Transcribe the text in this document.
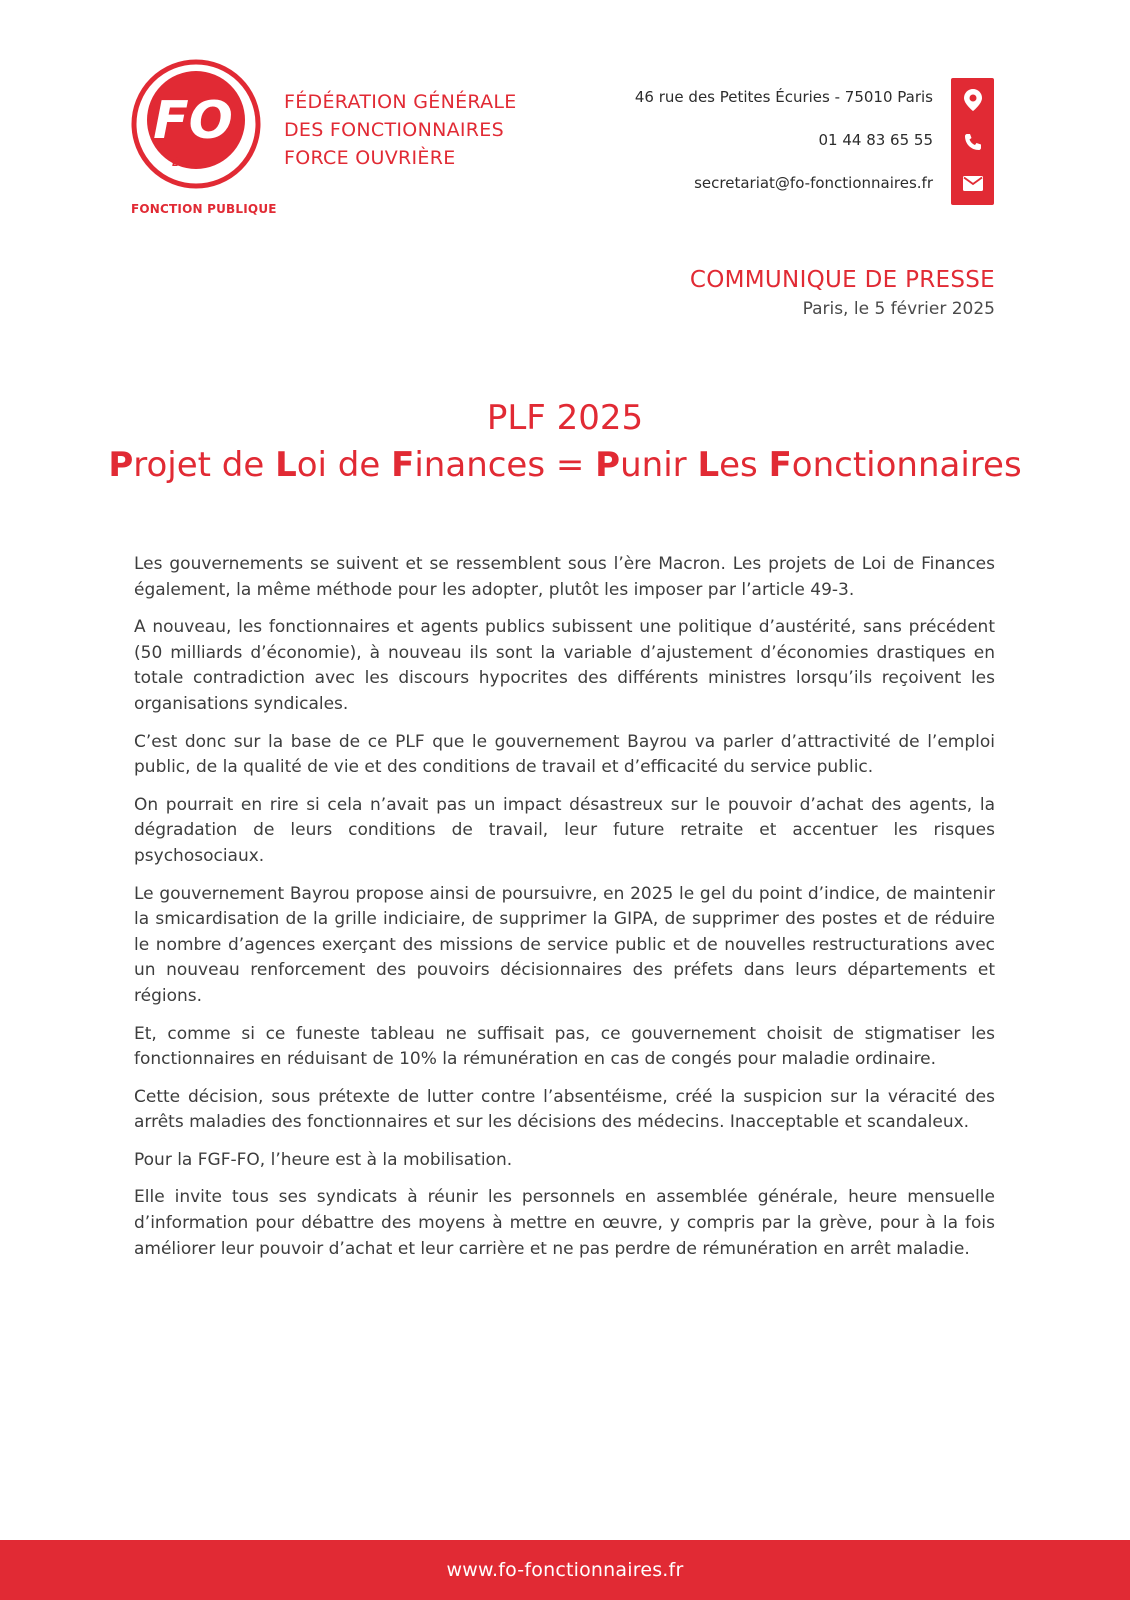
FO
ÉTAT
FONCTION PUBLIQUE
FÉDÉRATION GÉNÉRALE
DES FONCTIONNAIRES
FORCE OUVRIÈRE
46 rue des Petites Écuries - 75010 Paris
01 44 83 65 55
secretariat@fo-fonctionnaires.fr
COMMUNIQUE DE PRESSE
Paris, le 5 février 2025
PLF 2025
Projet de Loi de Finances = Punir Les Fonctionnaires

Les gouvernements se suivent et se ressemblent sous l’ère Macron. Les projets de Loi de Finances également, la même méthode pour les adopter, plutôt les imposer par l’article 49-3.

A nouveau, les fonctionnaires et agents publics subissent une politique d’austérité, sans précédent (50 milliards d’économie), à nouveau ils sont la variable d’ajustement d’économies drastiques en totale contradiction avec les discours hypocrites des différents ministres lorsqu’ils reçoivent les organisations syndicales.

C’est donc sur la base de ce PLF que le gouvernement Bayrou va parler d’attractivité de l’emploi public, de la qualité de vie et des conditions de travail et d’efficacité du service public.

On pourrait en rire si cela n’avait pas un impact désastreux sur le pouvoir d’achat des agents, la dégradation de leurs conditions de travail, leur future retraite et accentuer les risques psychosociaux.

Le gouvernement Bayrou propose ainsi de poursuivre, en 2025 le gel du point d’indice, de maintenir la smicardisation de la grille indiciaire, de supprimer la GIPA, de supprimer des postes et de réduire le nombre d’agences exerçant des missions de service public et de nouvelles restructurations avec un nouveau renforcement des pouvoirs décisionnaires des préfets dans leurs départements et régions.

Et, comme si ce funeste tableau ne suffisait pas, ce gouvernement choisit de stigmatiser les fonctionnaires en réduisant de 10% la rémunération en cas de congés pour maladie ordinaire.

Cette décision, sous prétexte de lutter contre l’absentéisme, créé la suspicion sur la véracité des arrêts maladies des fonctionnaires et sur les décisions des médecins. Inacceptable et scandaleux.

Pour la FGF-FO, l’heure est à la mobilisation.

Elle invite tous ses syndicats à réunir les personnels en assemblée générale, heure mensuelle d’information pour débattre des moyens à mettre en œuvre, y compris par la grève, pour à la fois améliorer leur pouvoir d’achat et leur carrière et ne pas perdre de rémunération en arrêt maladie.

www.fo-fonctionnaires.fr
